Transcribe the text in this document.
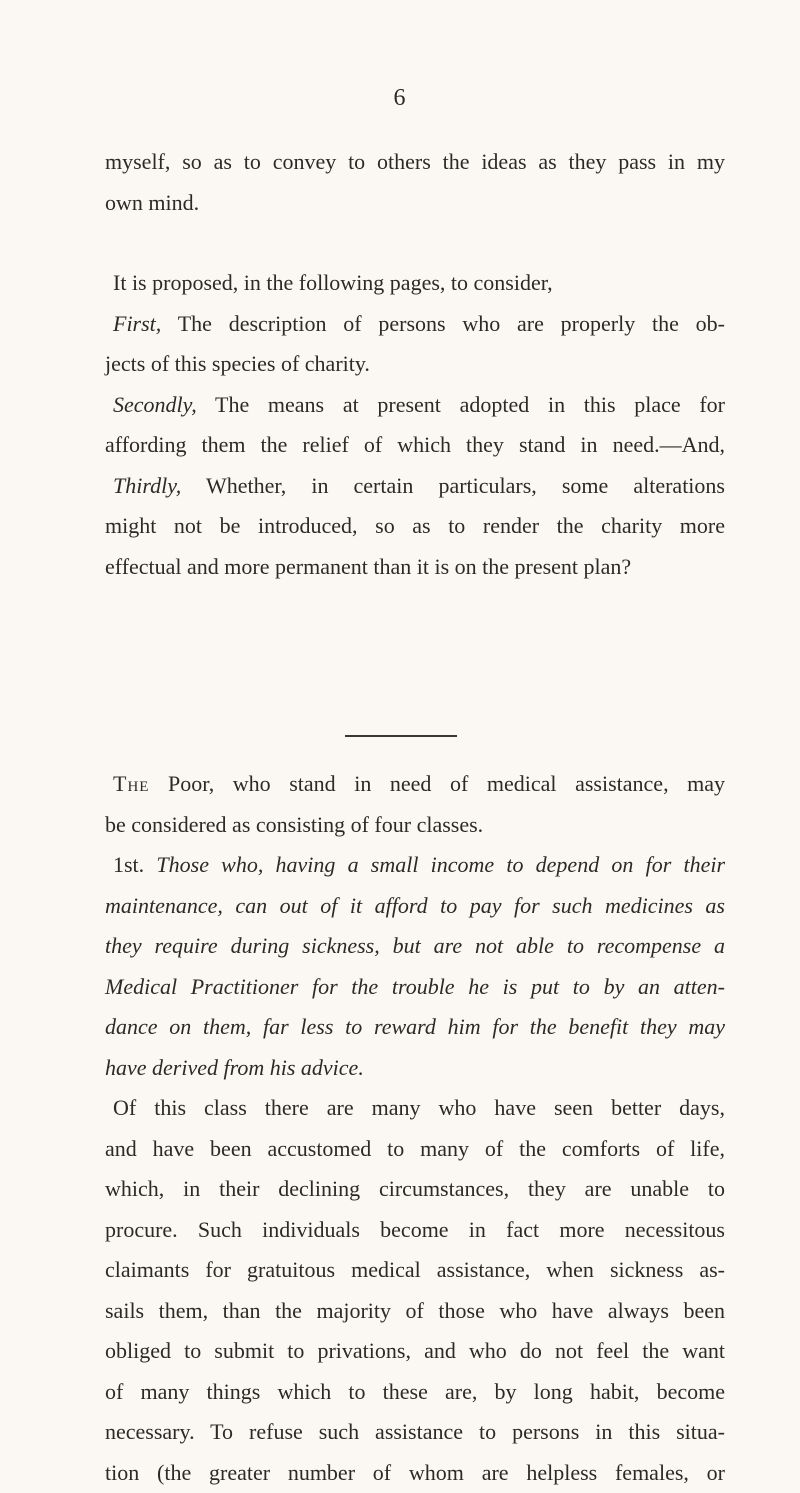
6
myself, so as to convey to others the ideas as they pass in my
own mind.
It is proposed, in the following pages, to consider,
First, The description of persons who are properly the ob-
jects of this species of charity.
Secondly, The means at present adopted in this place for
affording them the relief of which they stand in need.—And,
Thirdly, Whether, in certain particulars, some alterations
might not be introduced, so as to render the charity more
effectual and more permanent than it is on the present plan?
The Poor, who stand in need of medical assistance, may
be considered as consisting of four classes.
1st. Those who, having a small income to depend on for their
maintenance, can out of it afford to pay for such medicines as
they require during sickness, but are not able to recompense a
Medical Practitioner for the trouble he is put to by an atten-
dance on them, far less to reward him for the benefit they may
have derived from his advice.
Of this class there are many who have seen better days,
and have been accustomed to many of the comforts of life,
which, in their declining circumstances, they are unable to
procure. Such individuals become in fact more necessitous
claimants for gratuitous medical assistance, when sickness as-
sails them, than the majority of those who have always been
obliged to submit to privations, and who do not feel the want
of many things which to these are, by long habit, become
necessary. To refuse such assistance to persons in this situa-
tion (the greater number of whom are helpless females, or
